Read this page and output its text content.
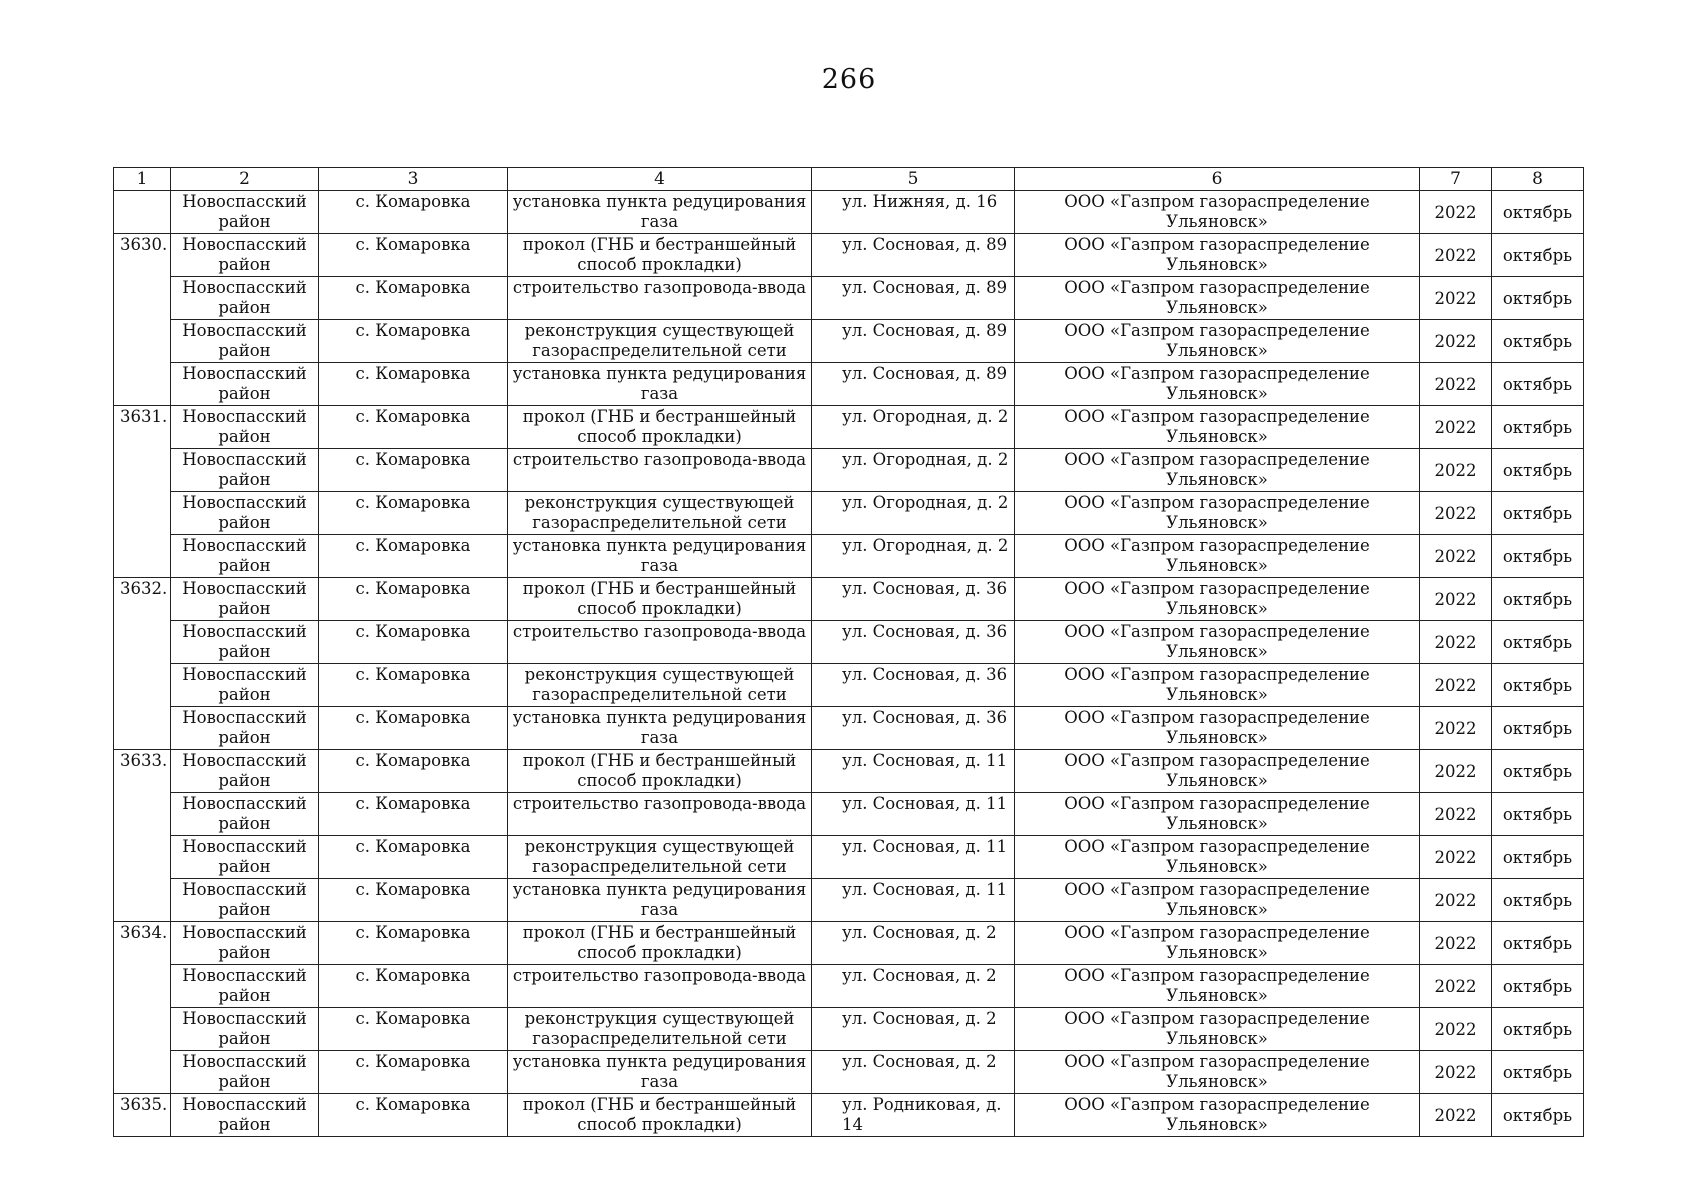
266
1	2	3	4	5	6	7	8
	Новоспасский район	с. Комаровка	установка пункта редуцирования газа	ул. Нижняя, д. 16	ООО «Газпром газораспределение Ульяновск»	2022	октябрь
3630.	Новоспасский район	с. Комаровка	прокол (ГНБ и бестраншейный способ прокладки)	ул. Сосновая, д. 89	ООО «Газпром газораспределение Ульяновск»	2022	октябрь
	Новоспасский район	с. Комаровка	строительство газопровода-ввода	ул. Сосновая, д. 89	ООО «Газпром газораспределение Ульяновск»	2022	октябрь
	Новоспасский район	с. Комаровка	реконструкция существующей газораспределительной сети	ул. Сосновая, д. 89	ООО «Газпром газораспределение Ульяновск»	2022	октябрь
	Новоспасский район	с. Комаровка	установка пункта редуцирования газа	ул. Сосновая, д. 89	ООО «Газпром газораспределение Ульяновск»	2022	октябрь
3631.	Новоспасский район	с. Комаровка	прокол (ГНБ и бестраншейный способ прокладки)	ул. Огородная, д. 2	ООО «Газпром газораспределение Ульяновск»	2022	октябрь
	Новоспасский район	с. Комаровка	строительство газопровода-ввода	ул. Огородная, д. 2	ООО «Газпром газораспределение Ульяновск»	2022	октябрь
	Новоспасский район	с. Комаровка	реконструкция существующей газораспределительной сети	ул. Огородная, д. 2	ООО «Газпром газораспределение Ульяновск»	2022	октябрь
	Новоспасский район	с. Комаровка	установка пункта редуцирования газа	ул. Огородная, д. 2	ООО «Газпром газораспределение Ульяновск»	2022	октябрь
3632.	Новоспасский район	с. Комаровка	прокол (ГНБ и бестраншейный способ прокладки)	ул. Сосновая, д. 36	ООО «Газпром газораспределение Ульяновск»	2022	октябрь
	Новоспасский район	с. Комаровка	строительство газопровода-ввода	ул. Сосновая, д. 36	ООО «Газпром газораспределение Ульяновск»	2022	октябрь
	Новоспасский район	с. Комаровка	реконструкция существующей газораспределительной сети	ул. Сосновая, д. 36	ООО «Газпром газораспределение Ульяновск»	2022	октябрь
	Новоспасский район	с. Комаровка	установка пункта редуцирования газа	ул. Сосновая, д. 36	ООО «Газпром газораспределение Ульяновск»	2022	октябрь
3633.	Новоспасский район	с. Комаровка	прокол (ГНБ и бестраншейный способ прокладки)	ул. Сосновая, д. 11	ООО «Газпром газораспределение Ульяновск»	2022	октябрь
	Новоспасский район	с. Комаровка	строительство газопровода-ввода	ул. Сосновая, д. 11	ООО «Газпром газораспределение Ульяновск»	2022	октябрь
	Новоспасский район	с. Комаровка	реконструкция существующей газораспределительной сети	ул. Сосновая, д. 11	ООО «Газпром газораспределение Ульяновск»	2022	октябрь
	Новоспасский район	с. Комаровка	установка пункта редуцирования газа	ул. Сосновая, д. 11	ООО «Газпром газораспределение Ульяновск»	2022	октябрь
3634.	Новоспасский район	с. Комаровка	прокол (ГНБ и бестраншейный способ прокладки)	ул. Сосновая, д. 2	ООО «Газпром газораспределение Ульяновск»	2022	октябрь
	Новоспасский район	с. Комаровка	строительство газопровода-ввода	ул. Сосновая, д. 2	ООО «Газпром газораспределение Ульяновск»	2022	октябрь
	Новоспасский район	с. Комаровка	реконструкция существующей газораспределительной сети	ул. Сосновая, д. 2	ООО «Газпром газораспределение Ульяновск»	2022	октябрь
	Новоспасский район	с. Комаровка	установка пункта редуцирования газа	ул. Сосновая, д. 2	ООО «Газпром газораспределение Ульяновск»	2022	октябрь
3635.	Новоспасский район	с. Комаровка	прокол (ГНБ и бестраншейный способ прокладки)	ул. Родниковая, д. 14	ООО «Газпром газораспределение Ульяновск»	2022	октябрь
